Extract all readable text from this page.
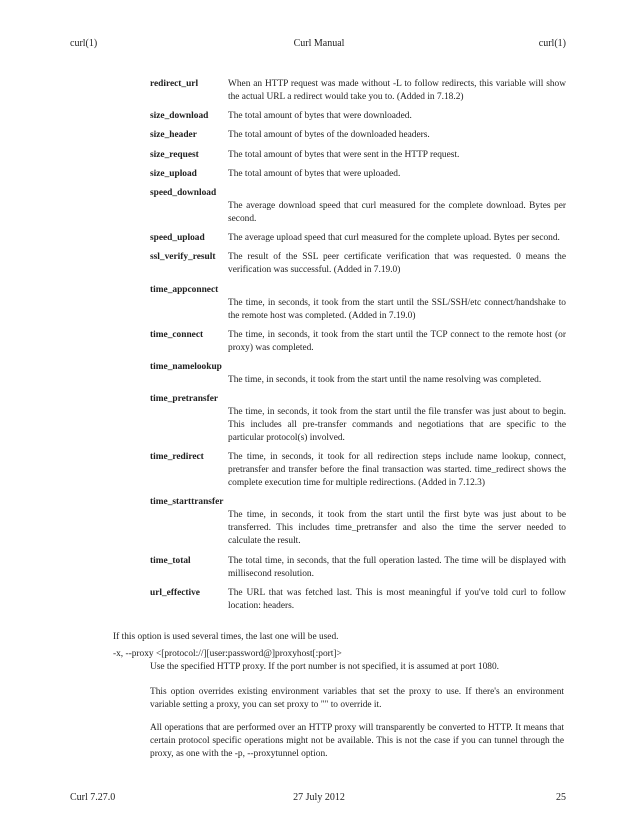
curl(1)	Curl Manual	curl(1)
redirect_url	When an HTTP request was made without -L to follow redirects, this variable will show the actual URL a redirect would take you to. (Added in 7.18.2)
size_download The total amount of bytes that were downloaded.
size_header	The total amount of bytes of the downloaded headers.
size_request	The total amount of bytes that were sent in the HTTP request.
size_upload	The total amount of bytes that were uploaded.
speed_download
The average download speed that curl measured for the complete download. Bytes per second.
speed_upload The average upload speed that curl measured for the complete upload. Bytes per second.
ssl_verify_result The result of the SSL peer certificate verification that was requested. 0 means the verification was successful. (Added in 7.19.0)
time_appconnect
The time, in seconds, it took from the start until the SSL/SSH/etc connect/handshake to the remote host was completed. (Added in 7.19.0)
time_connect	The time, in seconds, it took from the start until the TCP connect to the remote host (or proxy) was completed.
time_namelookup
The time, in seconds, it took from the start until the name resolving was completed.
time_pretransfer
The time, in seconds, it took from the start until the file transfer was just about to begin. This includes all pre-transfer commands and negotiations that are specific to the particular protocol(s) involved.
time_redirect	The time, in seconds, it took for all redirection steps include name lookup, connect, pretransfer and transfer before the final transaction was started. time_redirect shows the complete execution time for multiple redirections. (Added in 7.12.3)
time_starttransfer
The time, in seconds, it took from the start until the first byte was just about to be transferred. This includes time_pretransfer and also the time the server needed to calculate the result.
time_total	The total time, in seconds, that the full operation lasted. The time will be displayed with millisecond resolution.
url_effective	The URL that was fetched last. This is most meaningful if you've told curl to follow location: headers.
If this option is used several times, the last one will be used.
-x, --proxy <[protocol://][user:password@]proxyhost[:port]>
Use the specified HTTP proxy. If the port number is not specified, it is assumed at port 1080.
This option overrides existing environment variables that set the proxy to use. If there's an environment variable setting a proxy, you can set proxy to "" to override it.
All operations that are performed over an HTTP proxy will transparently be converted to HTTP. It means that certain protocol specific operations might not be available. This is not the case if you can tunnel through the proxy, as one with the -p, --proxytunnel option.
Curl 7.27.0	27 July 2012	25
